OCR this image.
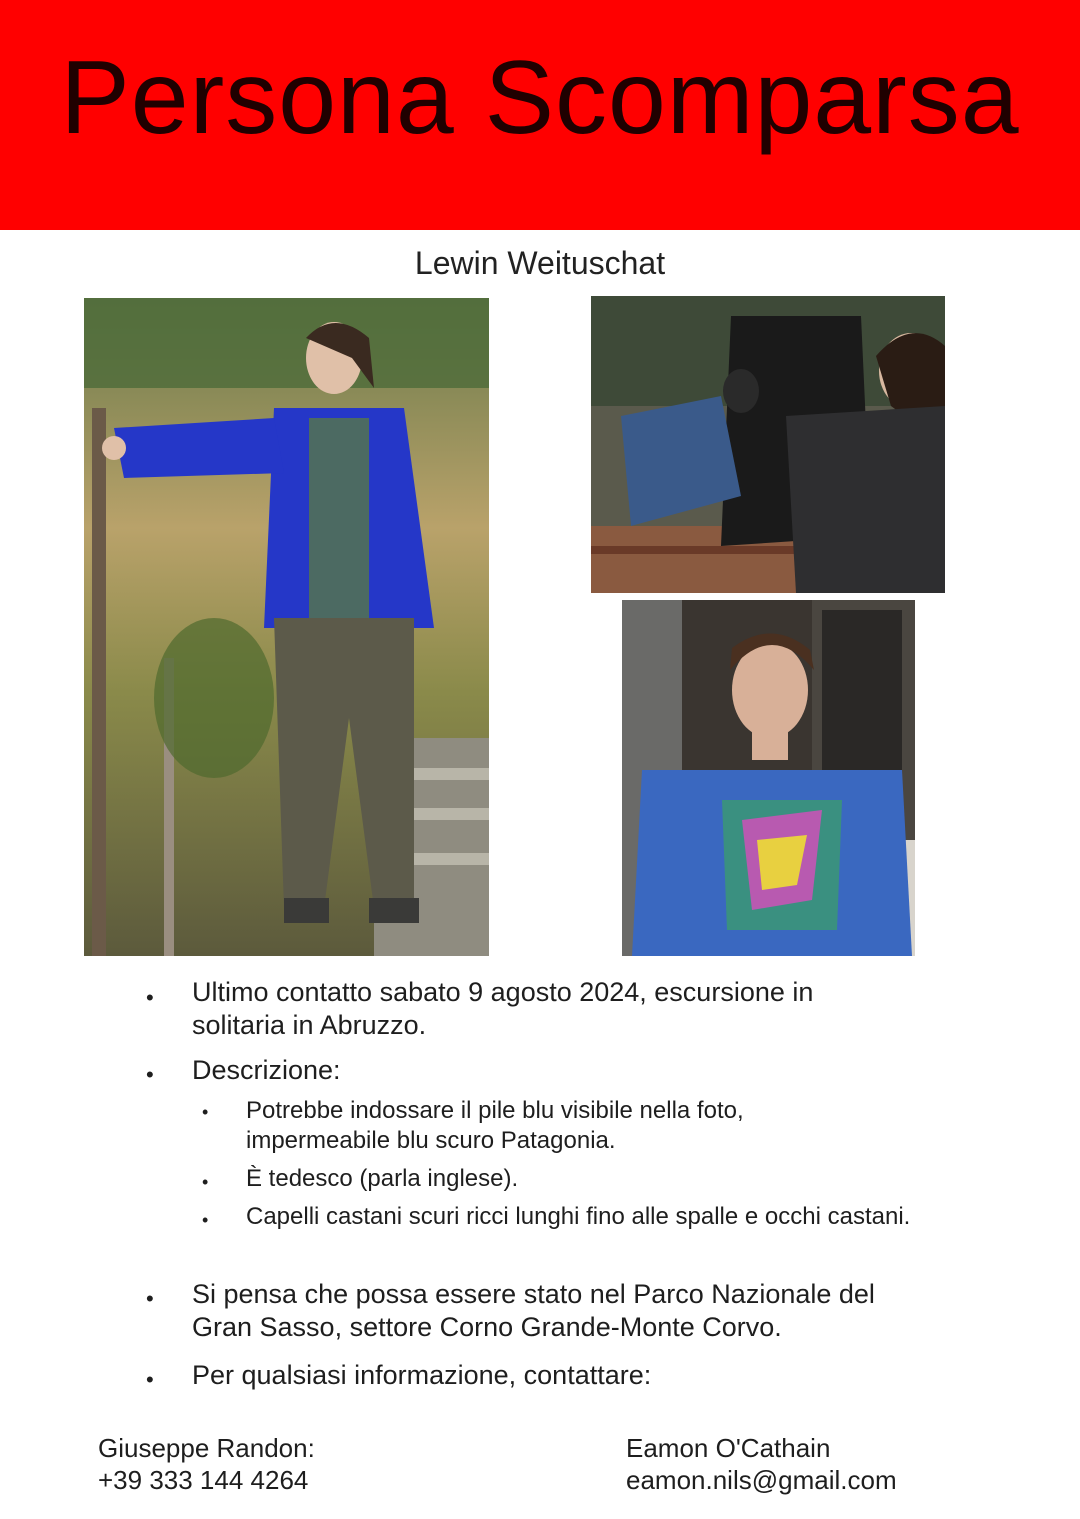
Persona Scomparsa
Lewin Weituschat
• Ultimo contatto sabato 9 agosto 2024, escursione in solitaria in Abruzzo.
• Descrizione:
• Potrebbe indossare il pile blu visibile nella foto, impermeabile blu scuro Patagonia.
• È tedesco (parla inglese).
• Capelli castani scuri ricci lunghi fino alle spalle e occhi castani.
• Si pensa che possa essere stato nel Parco Nazionale del Gran Sasso, settore Corno Grande-Monte Corvo.
• Per qualsiasi informazione, contattare:
Giuseppe Randon:
+39 333 144 4264
Eamon O'Cathain
eamon.nils@gmail.com
